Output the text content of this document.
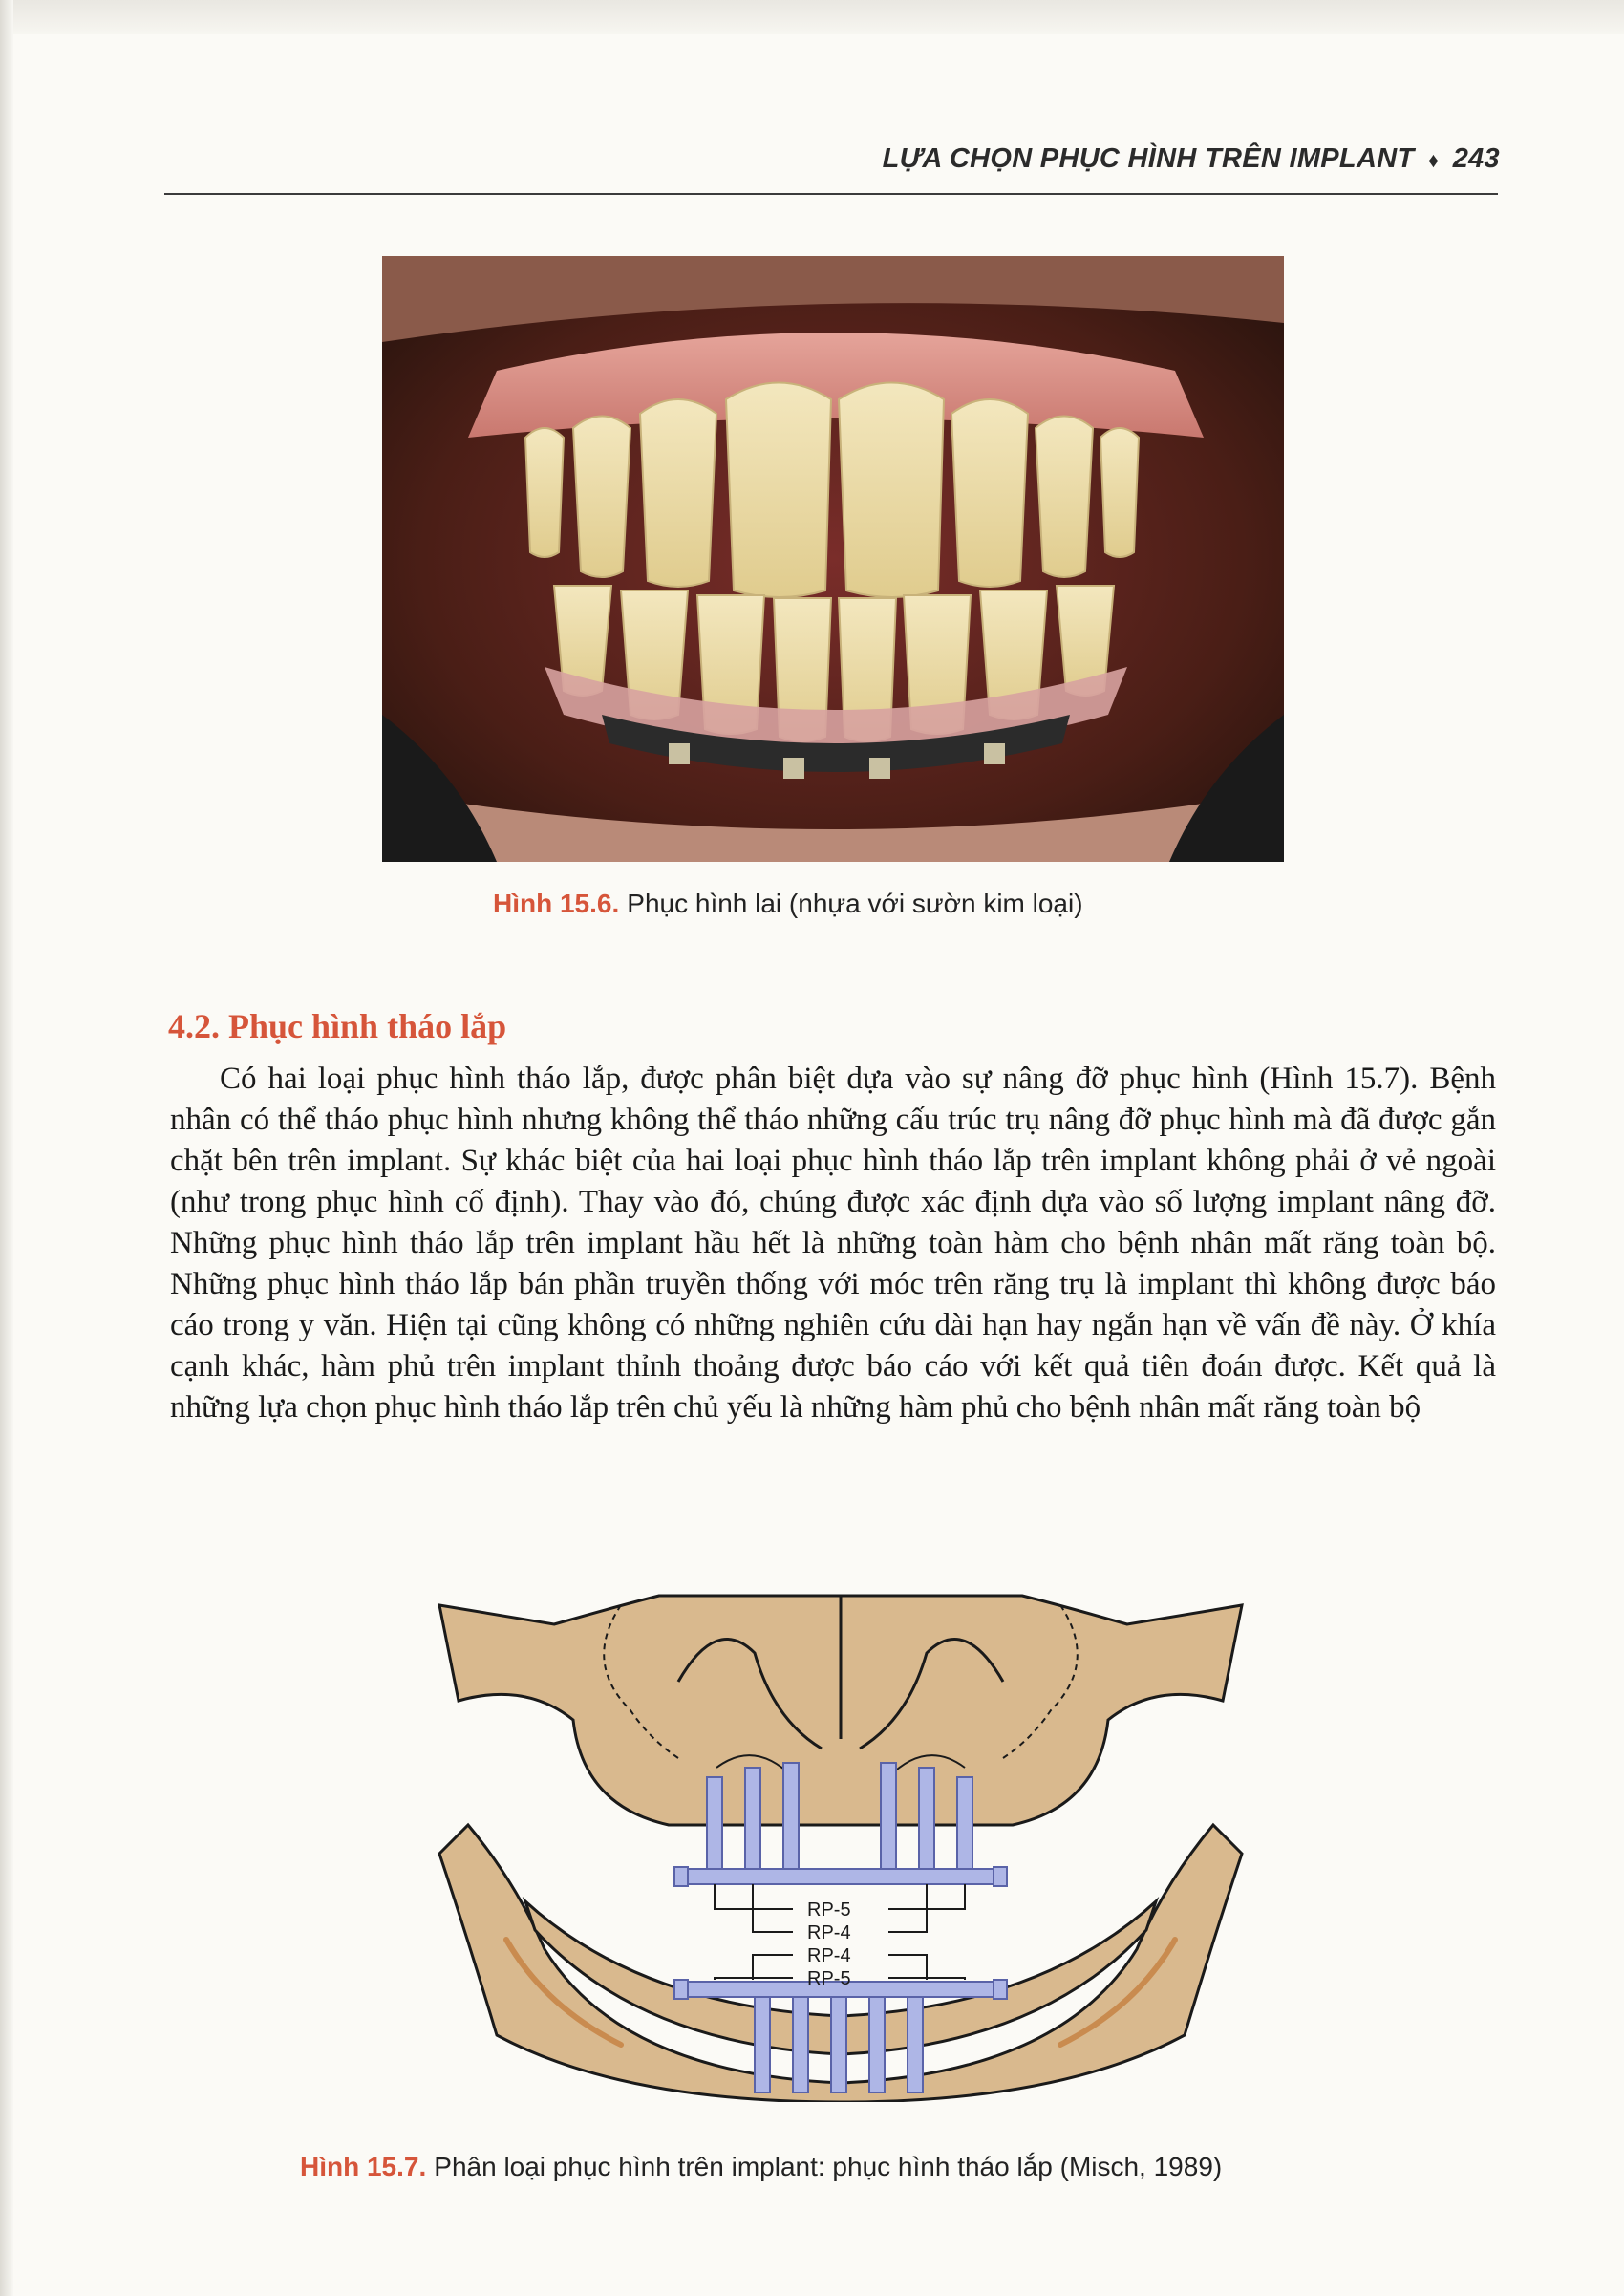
LỰA CHỌN PHỤC HÌNH TRÊN IMPLANT ♦ 243
Hình 15.6. Phục hình lai (nhựa với sườn kim loại)
4.2. Phục hình tháo lắp
Có hai loại phục hình tháo lắp, được phân biệt dựa vào sự nâng đỡ phục hình (Hình 15.7). Bệnh nhân có thể tháo phục hình nhưng không thể tháo những cấu trúc trụ nâng đỡ phục hình mà đã được gắn chặt bên trên implant. Sự khác biệt của hai loại phục hình tháo lắp trên implant không phải ở vẻ ngoài (như trong phục hình cố định). Thay vào đó, chúng được xác định dựa vào số lượng implant nâng đỡ. Những phục hình tháo lắp trên implant hầu hết là những toàn hàm cho bệnh nhân mất răng toàn bộ. Những phục hình tháo lắp bán phần truyền thống với móc trên răng trụ là implant thì không được báo cáo trong y văn. Hiện tại cũng không có những nghiên cứu dài hạn hay ngắn hạn về vấn đề này. Ở khía cạnh khác, hàm phủ trên implant thỉnh thoảng được báo cáo với kết quả tiên đoán được. Kết quả là những lựa chọn phục hình tháo lắp trên chủ yếu là những hàm phủ cho bệnh nhân mất răng toàn bộ
RP-5
RP-4
RP-4
RP-5
Hình 15.7. Phân loại phục hình trên implant: phục hình tháo lắp (Misch, 1989)
